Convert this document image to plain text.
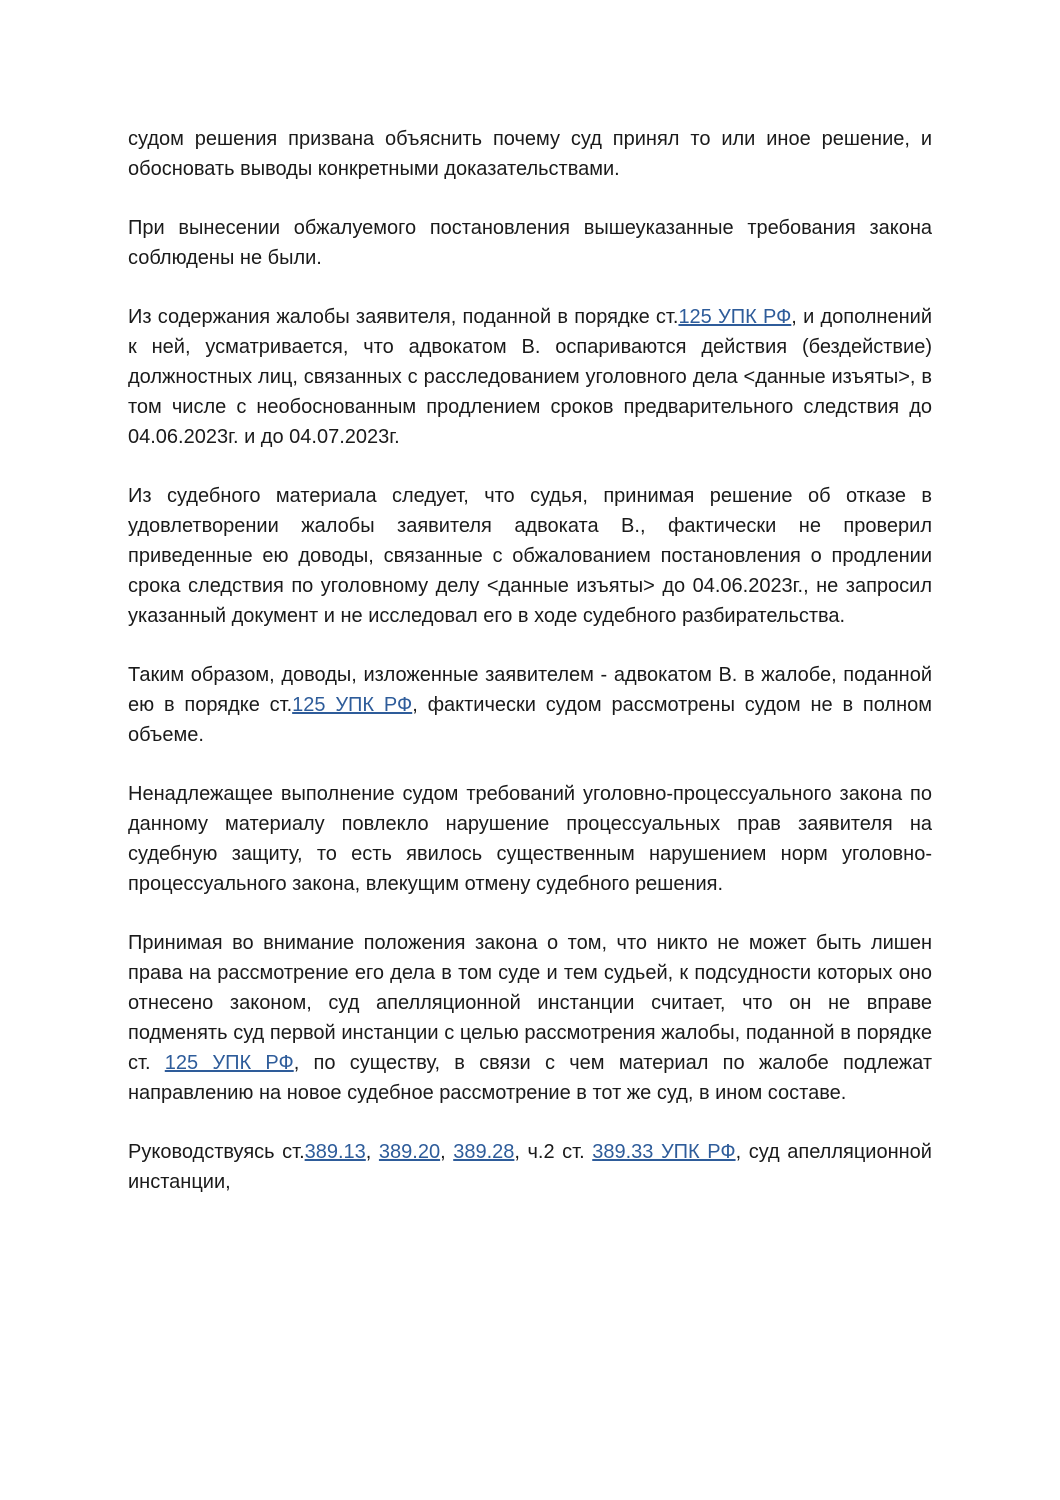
судом решения призвана объяснить почему суд принял то или иное решение, и обосновать выводы конкретными доказательствами.

При вынесении обжалуемого постановления вышеуказанные требования закона соблюдены не были.

Из содержания жалобы заявителя, поданной в порядке ст.125 УПК РФ, и дополнений к ней, усматривается, что адвокатом В. оспариваются действия (бездействие) должностных лиц, связанных с расследованием уголовного дела <данные изъяты>, в том числе с необоснованным продлением сроков предварительного следствия до 04.06.2023г. и до 04.07.2023г.

Из судебного материала следует, что судья, принимая решение об отказе в удовлетворении жалобы заявителя адвоката В., фактически не проверил приведенные ею доводы, связанные с обжалованием постановления о продлении срока следствия по уголовному делу <данные изъяты> до 04.06.2023г., не запросил указанный документ и не исследовал его в ходе судебного разбирательства.

Таким образом, доводы, изложенные заявителем - адвокатом В. в жалобе, поданной ею в порядке ст.125 УПК РФ, фактически судом рассмотрены судом не в полном объеме.

Ненадлежащее выполнение судом требований уголовно-процессуального закона по данному материалу повлекло нарушение процессуальных прав заявителя на судебную защиту, то есть явилось существенным нарушением норм уголовно-процессуального закона, влекущим отмену судебного решения.

Принимая во внимание положения закона о том, что никто не может быть лишен права на рассмотрение его дела в том суде и тем судьей, к подсудности которых оно отнесено законом, суд апелляционной инстанции считает, что он не вправе подменять суд первой инстанции с целью рассмотрения жалобы, поданной в порядке ст. 125 УПК РФ, по существу, в связи с чем материал по жалобе подлежат направлению на новое судебное рассмотрение в тот же суд, в ином составе.

Руководствуясь ст.389.13, 389.20, 389.28, ч.2 ст. 389.33 УПК РФ, суд апелляционной инстанции,
